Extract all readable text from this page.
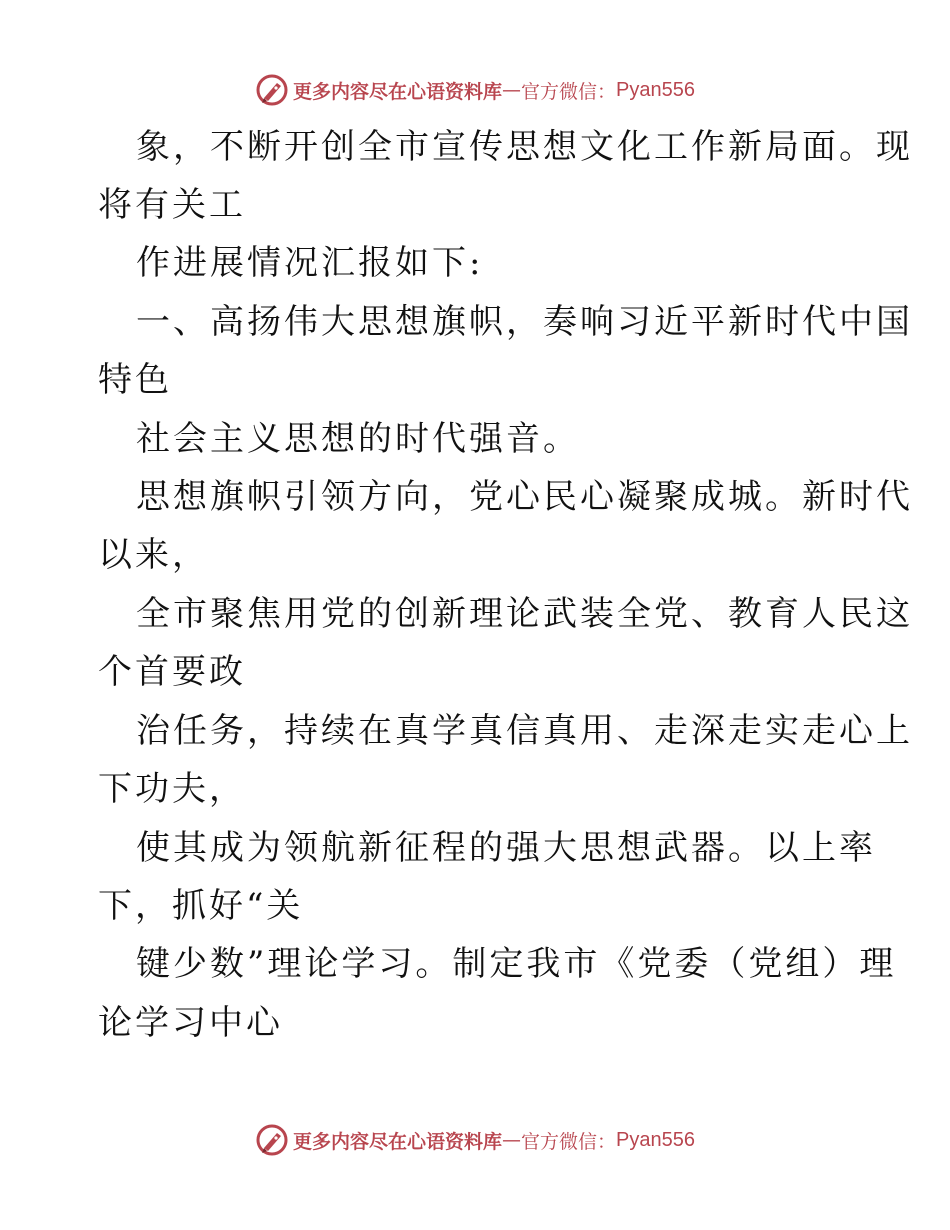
更多内容尽在心语资料库 — 官方微信： Pyan556
象，不断开创全市宣传思想文化工作新局面。现
将有关工
作进展情况汇报如下:
一、高扬伟大思想旗帜，奏响习近平新时代中国
特色
社会主义思想的时代强音。
思想旗帜引领方向，党心民心凝聚成城。新时代
以来，
全市聚焦用党的创新理论武装全党、教育人民这
个首要政
治任务，持续在真学真信真用、走深走实走心上
下功夫，
使其成为领航新征程的强大思想武器。以上率
下，抓好“关
键少数”理论学习。制定我市《党委（党组）理
论学习中心
更多内容尽在心语资料库 — 官方微信： Pyan556
